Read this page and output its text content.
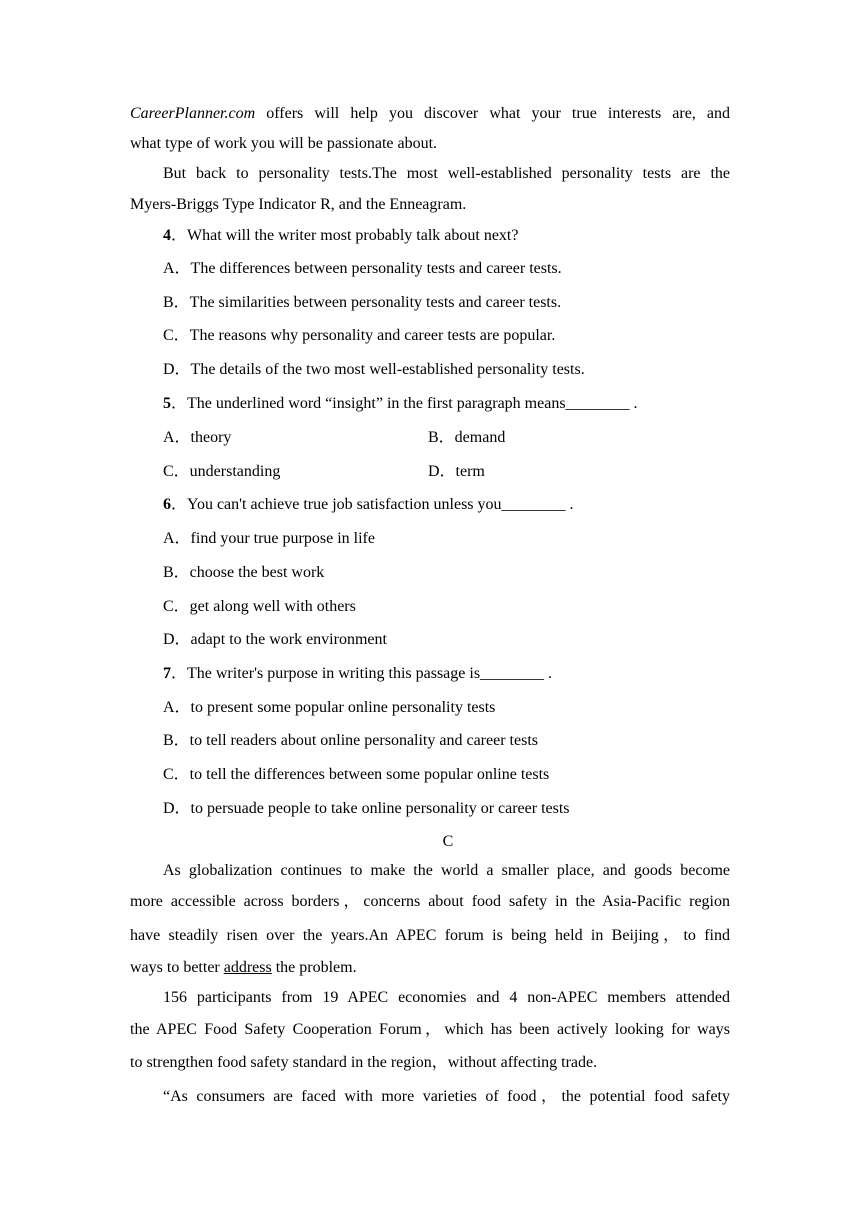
CareerPlanner.com offers will help you discover what your true interests are, and
what type of work you will be passionate about.
But back to personality tests.The most well-established personality tests are the
Myers-Briggs Type Indicator R, and the Enneagram.
4．What will the writer most probably talk about next?
A．The differences between personality tests and career tests.
B．The similarities between personality tests and career tests.
C．The reasons why personality and career tests are popular.
D．The details of the two most well-established personality tests.
5．The underlined word “insight” in the first paragraph means________ .
A．theory	B．demand
C．understanding	D．term
6．You can't achieve true job satisfaction unless you________ .
A．find your true purpose in life
B．choose the best work
C．get along well with others
D．adapt to the work environment
7．The writer's purpose in writing this passage is________ .
A．to present some popular online personality tests
B．to tell readers about online personality and career tests
C．to tell the differences between some popular online tests
D．to persuade people to take online personality or career tests
C
As globalization continues to make the world a smaller place, and goods become
more accessible across borders，concerns about food safety in the Asia-Pacific region
have steadily risen over the years.An APEC forum is being held in Beijing，to find
ways to better address the problem.
156 participants from 19 APEC economies and 4 non-APEC members attended
the APEC Food Safety Cooperation Forum，which has been actively looking for ways
to strengthen food safety standard in the region，without affecting trade.
“As consumers are faced with more varieties of food，the potential food safety
